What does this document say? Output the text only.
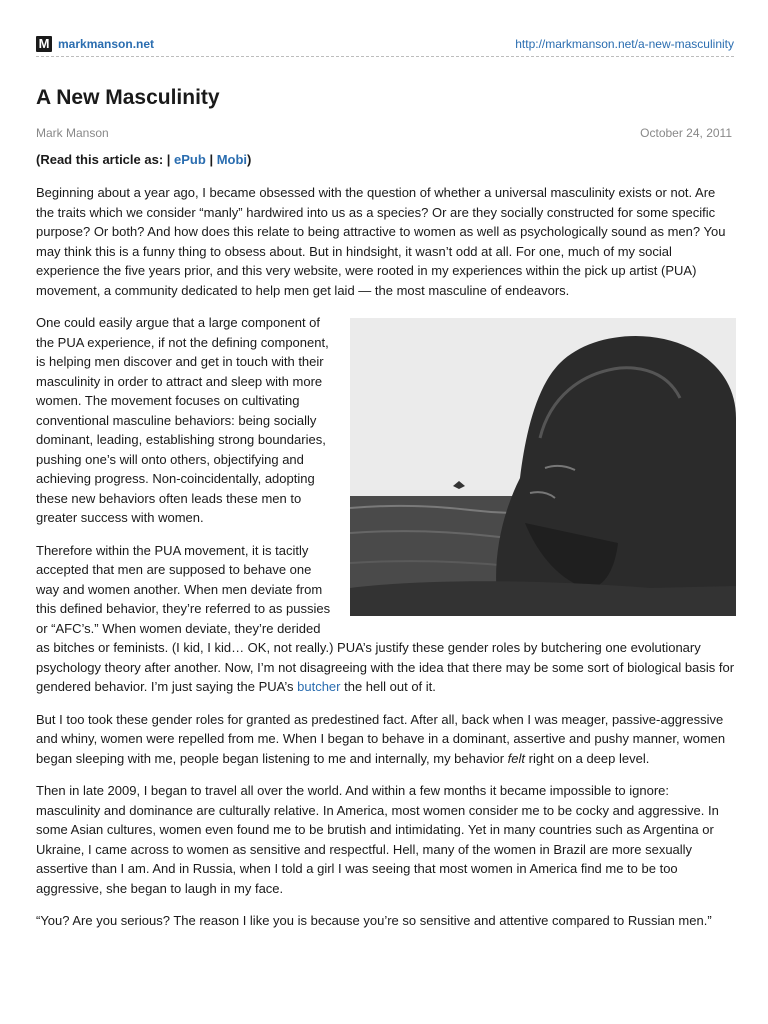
M markmanson.net	http://markmanson.net/a-new-masculinity
A New Masculinity
Mark Manson	October 24, 2011
(Read this article as: | ePub | Mobi)

Beginning about a year ago, I became obsessed with the question of whether a universal masculinity exists or not. Are the traits which we consider “manly” hardwired into us as a species? Or are they socially constructed for some specific purpose? Or both? And how does this relate to being attractive to women as well as psychologically sound as men? You may think this is a funny thing to obsess about. But in hindsight, it wasn’t odd at all. For one, much of my social experience the five years prior, and this very website, were rooted in my experiences within the pick up artist (PUA) movement, a community dedicated to help men get laid — the most masculine of endeavors.

One could easily argue that a large component of the PUA experience, if not the defining component, is helping men discover and get in touch with their masculinity in order to attract and sleep with more women. The movement focuses on cultivating conventional masculine behaviors: being socially dominant, leading, establishing strong boundaries, pushing one’s will onto others, objectifying and achieving progress. Non-coincidentally, adopting these new behaviors often leads these men to greater success with women.

Therefore within the PUA movement, it is tacitly accepted that men are supposed to behave one way and women another. When men deviate from this defined behavior, they’re referred to as pussies or “AFC’s.” When women deviate, they’re derided as bitches or feminists. (I kid, I kid… OK, not really.) PUA’s justify these gender roles by butchering one evolutionary psychology theory after another. Now, I’m not disagreeing with the idea that there may be some sort of biological basis for gendered behavior. I’m just saying the PUA’s butcher the hell out of it.

But I too took these gender roles for granted as predestined fact. After all, back when I was meager, passive-aggressive and whiny, women were repelled from me. When I began to behave in a dominant, assertive and pushy manner, women began sleeping with me, people began listening to me and internally, my behavior felt right on a deep level.

Then in late 2009, I began to travel all over the world. And within a few months it became impossible to ignore: masculinity and dominance are culturally relative. In America, most women consider me to be cocky and aggressive. In some Asian cultures, women even found me to be brutish and intimidating. Yet in many countries such as Argentina or Ukraine, I came across to women as sensitive and respectful. Hell, many of the women in Brazil are more sexually assertive than I am. And in Russia, when I told a girl I was seeing that most women in America find me to be too aggressive, she began to laugh in my face.

“You? Are you serious? The reason I like you is because you’re so sensitive and attentive compared to Russian men.”
